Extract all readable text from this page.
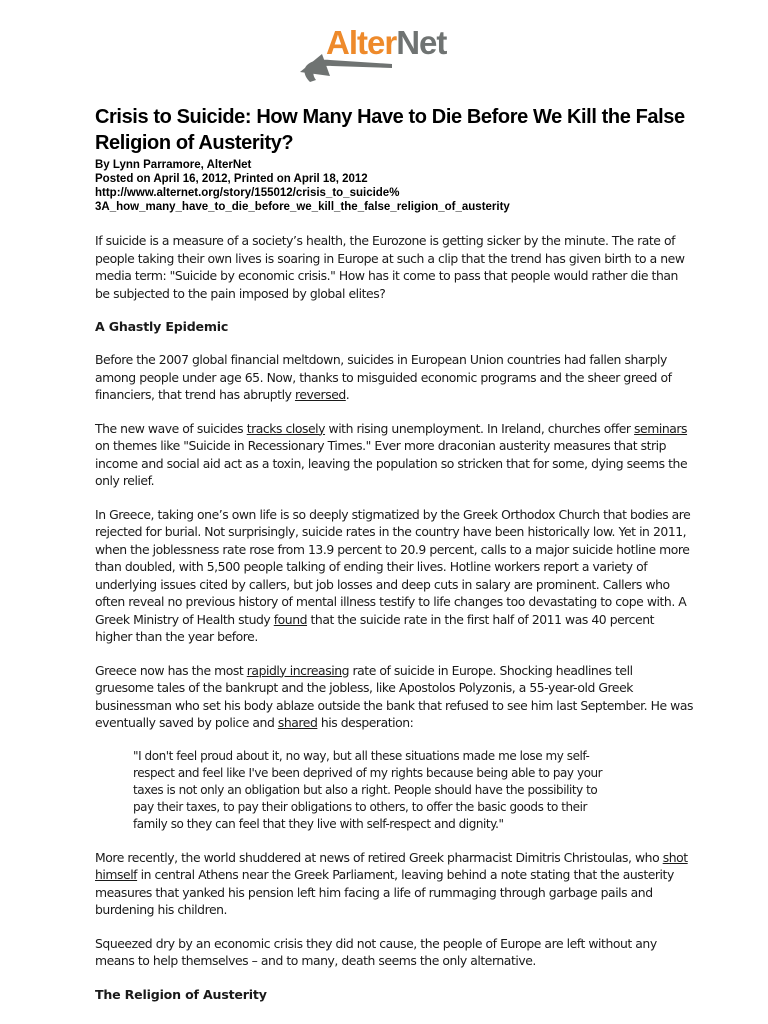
AlterNet
Crisis to Suicide: How Many Have to Die Before We Kill the False Religion of Austerity?
By Lynn Parramore, AlterNet
Posted on April 16, 2012, Printed on April 18, 2012
http://www.alternet.org/story/155012/crisis_to_suicide%
3A_how_many_have_to_die_before_we_kill_the_false_religion_of_austerity

If suicide is a measure of a society’s health, the Eurozone is getting sicker by the minute. The rate of people taking their own lives is soaring in Europe at such a clip that the trend has given birth to a new media term: "Suicide by economic crisis." How has it come to pass that people would rather die than be subjected to the pain imposed by global elites?

A Ghastly Epidemic

Before the 2007 global financial meltdown, suicides in European Union countries had fallen sharply among people under age 65. Now, thanks to misguided economic programs and the sheer greed of financiers, that trend has abruptly reversed.

The new wave of suicides tracks closely with rising unemployment. In Ireland, churches offer seminars on themes like "Suicide in Recessionary Times." Ever more draconian austerity measures that strip income and social aid act as a toxin, leaving the population so stricken that for some, dying seems the only relief.

In Greece, taking one’s own life is so deeply stigmatized by the Greek Orthodox Church that bodies are rejected for burial. Not surprisingly, suicide rates in the country have been historically low. Yet in 2011, when the joblessness rate rose from 13.9 percent to 20.9 percent, calls to a major suicide hotline more than doubled, with 5,500 people talking of ending their lives. Hotline workers report a variety of underlying issues cited by callers, but job losses and deep cuts in salary are prominent. Callers who often reveal no previous history of mental illness testify to life changes too devastating to cope with. A Greek Ministry of Health study found that the suicide rate in the first half of 2011 was 40 percent higher than the year before.

Greece now has the most rapidly increasing rate of suicide in Europe. Shocking headlines tell gruesome tales of the bankrupt and the jobless, like Apostolos Polyzonis, a 55-year-old Greek businessman who set his body ablaze outside the bank that refused to see him last September. He was eventually saved by police and shared his desperation:

"I don't feel proud about it, no way, but all these situations made me lose my self-respect and feel like I've been deprived of my rights because being able to pay your taxes is not only an obligation but also a right. People should have the possibility to pay their taxes, to pay their obligations to others, to offer the basic goods to their family so they can feel that they live with self-respect and dignity."

More recently, the world shuddered at news of retired Greek pharmacist Dimitris Christoulas, who shot himself in central Athens near the Greek Parliament, leaving behind a note stating that the austerity measures that yanked his pension left him facing a life of rummaging through garbage pails and burdening his children.

Squeezed dry by an economic crisis they did not cause, the people of Europe are left without any means to help themselves – and to many, death seems the only alternative.

The Religion of Austerity
